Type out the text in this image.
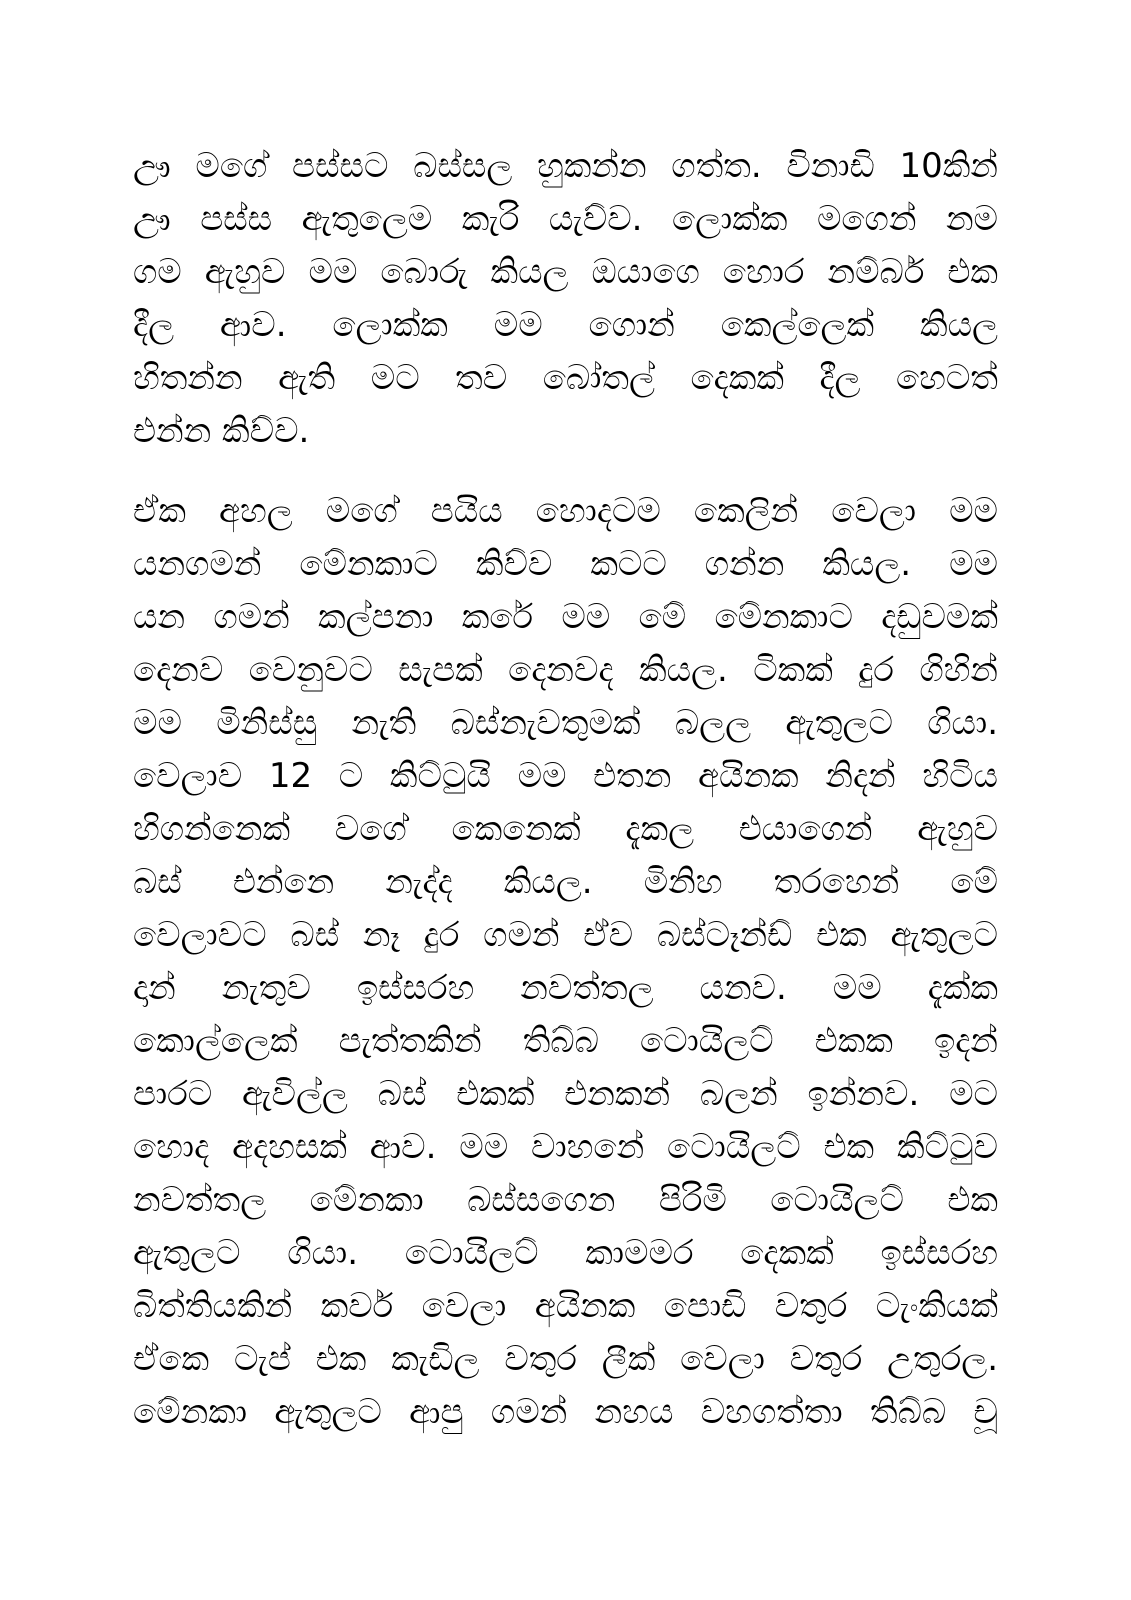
ඌ මගේ පස්සට බස්සල හුකන්න ගත්ත. විනාඩි 10කින්
ඌ පස්ස ඇතුලෙම කැරි යැව්ව. ලොක්ක මගෙන් නම
ගම ඇහුව මම බොරු කියල ඔයාගෙ හොර නම්බර් එක
දීල ආව. ලොක්ක මම ගොන් කෙල්ලෙක් කියල
හිතන්න ඇති මට තව බෝතල් දෙකක් දීල හෙටත්
එන්න කිව්ව.
ඒක අහල මගේ පයිය හොදටම කෙලින් වෙලා මම
යනගමන් මේනකාට කිව්ව කටට ගන්න කියල. මම
යන ගමන් කල්පනා කරේ මම මේ මේනකාට දඩුවමක්
දෙනව වෙනුවට සැපක් දෙනවද කියල. ටිකක් දුර ගිහින්
මම මිනිස්සු නැති බස්නැවතුමක් බලල ඇතුලට ගියා.
වෙලාව 12 ට කිට්ටුයි මම එතන අයිනක නිදන් හිටිය
හිගන්නෙක් වගේ කෙනෙක් දැකල එයාගෙන් ඇහුව
බස් එන්නෙ නැද්ද කියල. මිනිහ තරහෙන් මේ
වෙලාවට බස් නෑ දුර ගමන් ඒව බස්ටෑන්ඩ් එක ඇතුලට
දාන් නැතුව ඉස්සරහ නවත්තල යනව. මම දැක්ක
කොල්ලෙක් පැත්තකින් තිබ්බ ටොයිලට් එකක ඉදන්
පාරට ඇවිල්ල බස් එකක් එනකන් බලන් ඉන්නව. මට
හොද අදහසක් ආව. මම වාහනේ ටොයිලට් එක කිට්ටුව
නවත්තල මේනකා බස්සගෙන පිරිමි ටොයිලට් එක
ඇතුලට ගියා. ටොයිලට් කාමමර දෙකක් ඉස්සරහ
බිත්තියකින් කවර් වෙලා අයිනක පොඩි වතුර ටැංකියක්
ඒකෙ ටැප් එක කැඩිල වතුර ලීක් වෙලා වතුර උතුරල.
මේනකා ඇතුලට ආපු ගමන් නහය වහගත්තා තිබ්බ චූ
